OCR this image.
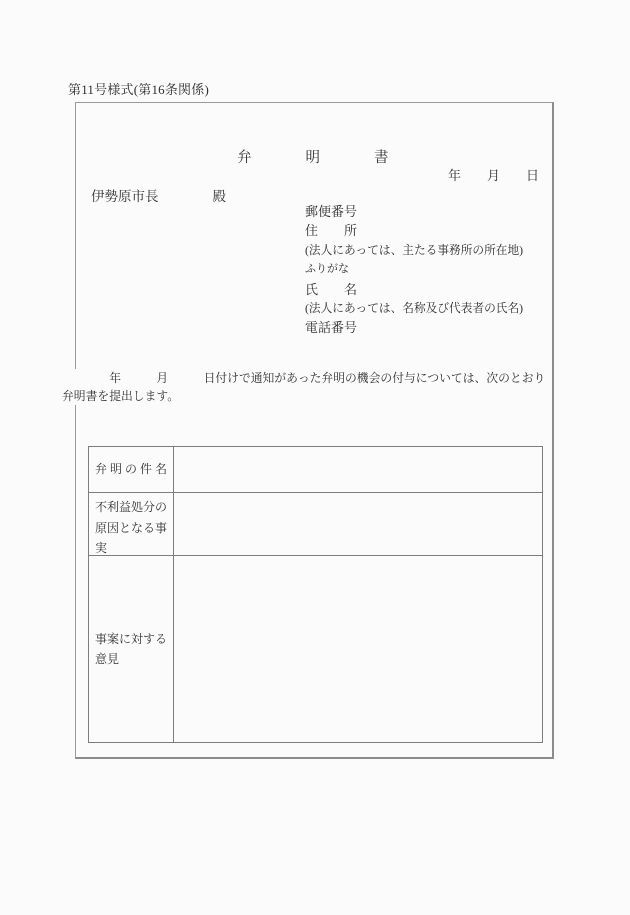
第11号様式(第16条関係)
弁明書
年　　月　　日
伊勢原市長　　　　殿
郵便番号
住　　所
(法人にあっては、主たる事務所の所在地)
ふりがな
氏　　名
(法人にあっては、名称及び代表者の氏名)
電話番号
　　　　年　　　月　　　日付けで通知があった弁明の機会の付与については、次のとおり弁明書を提出します。
弁明の件名
不利益処分の原因となる事実
事案に対する意見
